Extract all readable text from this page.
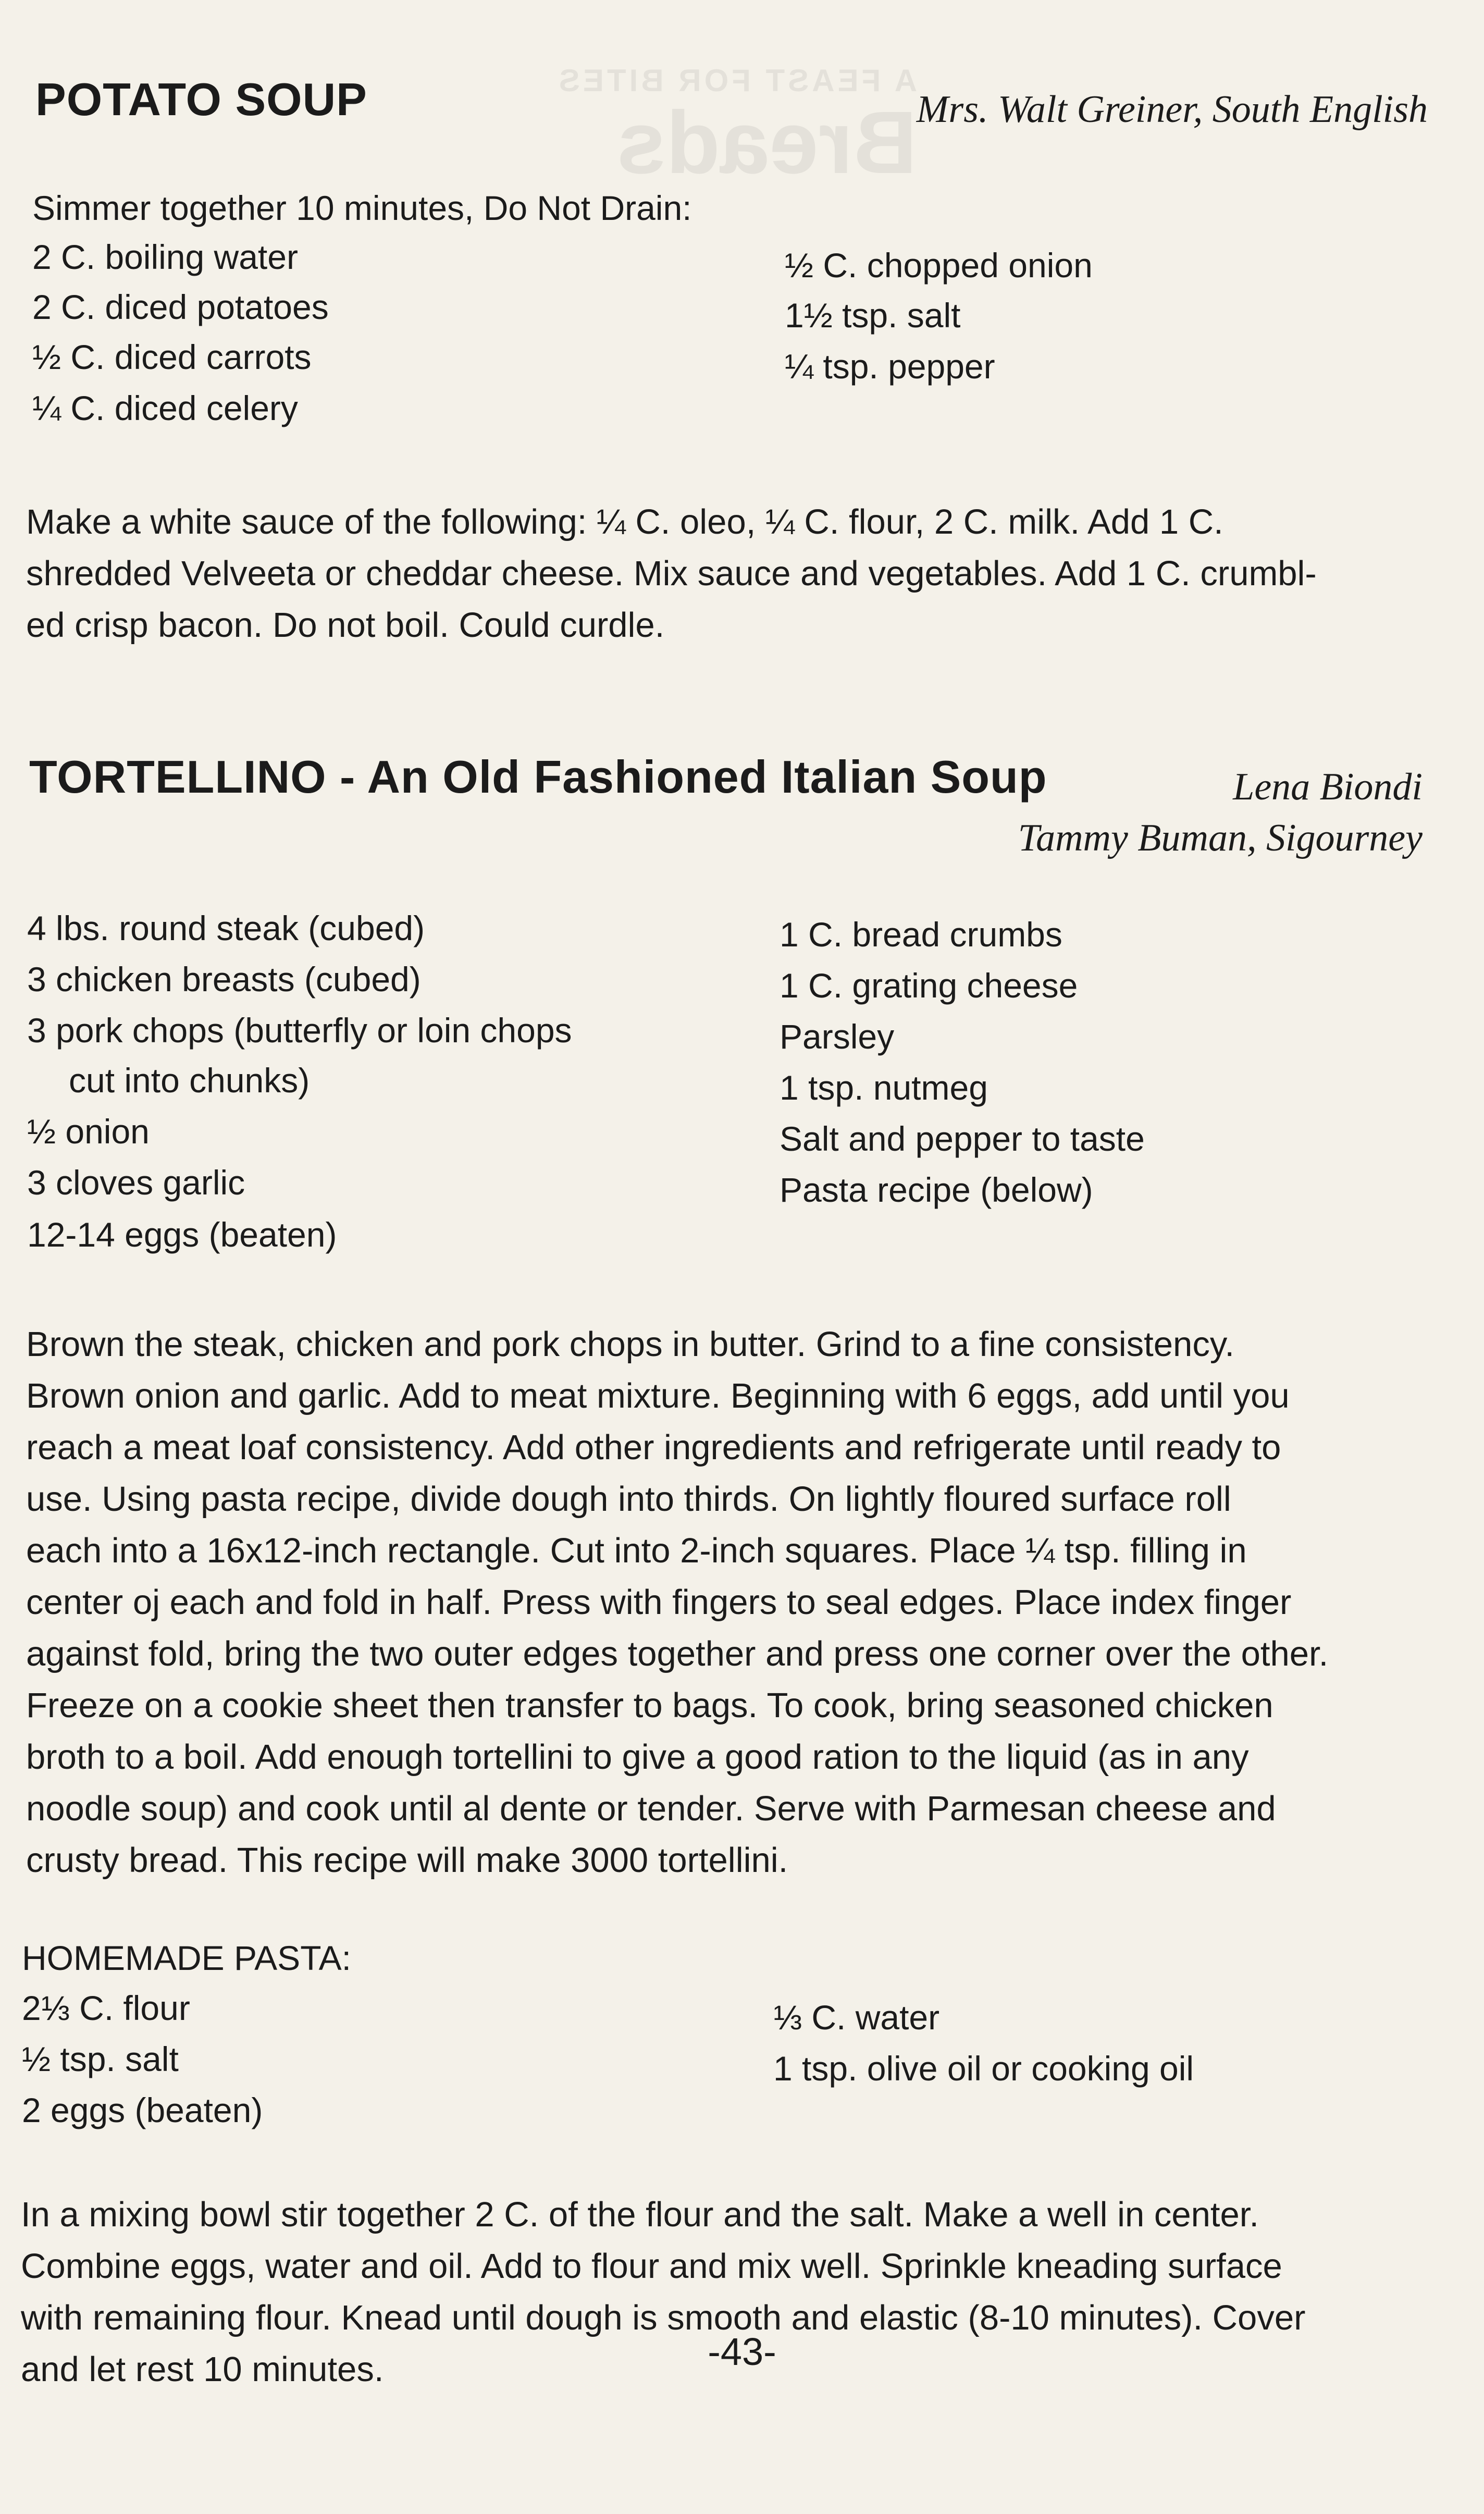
A FEAST FOR BITES
Breads
POTATO SOUP	Mrs. Walt Greiner, South English
Simmer together 10 minutes, Do Not Drain:
2 C. boiling water
2 C. diced potatoes
½ C. diced carrots
¼ C. diced celery
½ C. chopped onion
1½ tsp. salt
¼ tsp. pepper
Make a white sauce of the following: ¼ C. oleo, ¼ C. flour, 2 C. milk. Add 1 C.
shredded Velveeta or cheddar cheese. Mix sauce and vegetables. Add 1 C. crumbl-
ed crisp bacon. Do not boil. Could curdle.
TORTELLINO - An Old Fashioned Italian Soup	Lena Biondi
Tammy Buman, Sigourney
4 lbs. round steak (cubed)
3 chicken breasts (cubed)
3 pork chops (butterfly or loin chops
cut into chunks)
½ onion
3 cloves garlic
12-14 eggs (beaten)
1 C. bread crumbs
1 C. grating cheese
Parsley
1 tsp. nutmeg
Salt and pepper to taste
Pasta recipe (below)
Brown the steak, chicken and pork chops in butter. Grind to a fine consistency.
Brown onion and garlic. Add to meat mixture. Beginning with 6 eggs, add until you
reach a meat loaf consistency. Add other ingredients and refrigerate until ready to
use. Using pasta recipe, divide dough into thirds. On lightly floured surface roll
each into a 16x12-inch rectangle. Cut into 2-inch squares. Place ¼ tsp. filling in
center oj each and fold in half. Press with fingers to seal edges. Place index finger
against fold, bring the two outer edges together and press one corner over the other.
Freeze on a cookie sheet then transfer to bags. To cook, bring seasoned chicken
broth to a boil. Add enough tortellini to give a good ration to the liquid (as in any
noodle soup) and cook until al dente or tender. Serve with Parmesan cheese and
crusty bread. This recipe will make 3000 tortellini.
HOMEMADE PASTA:
2⅓ C. flour
½ tsp. salt
2 eggs (beaten)
⅓ C. water
1 tsp. olive oil or cooking oil
In a mixing bowl stir together 2 C. of the flour and the salt. Make a well in center.
Combine eggs, water and oil. Add to flour and mix well. Sprinkle kneading surface
with remaining flour. Knead until dough is smooth and elastic (8-10 minutes). Cover
and let rest 10 minutes.	-43-
